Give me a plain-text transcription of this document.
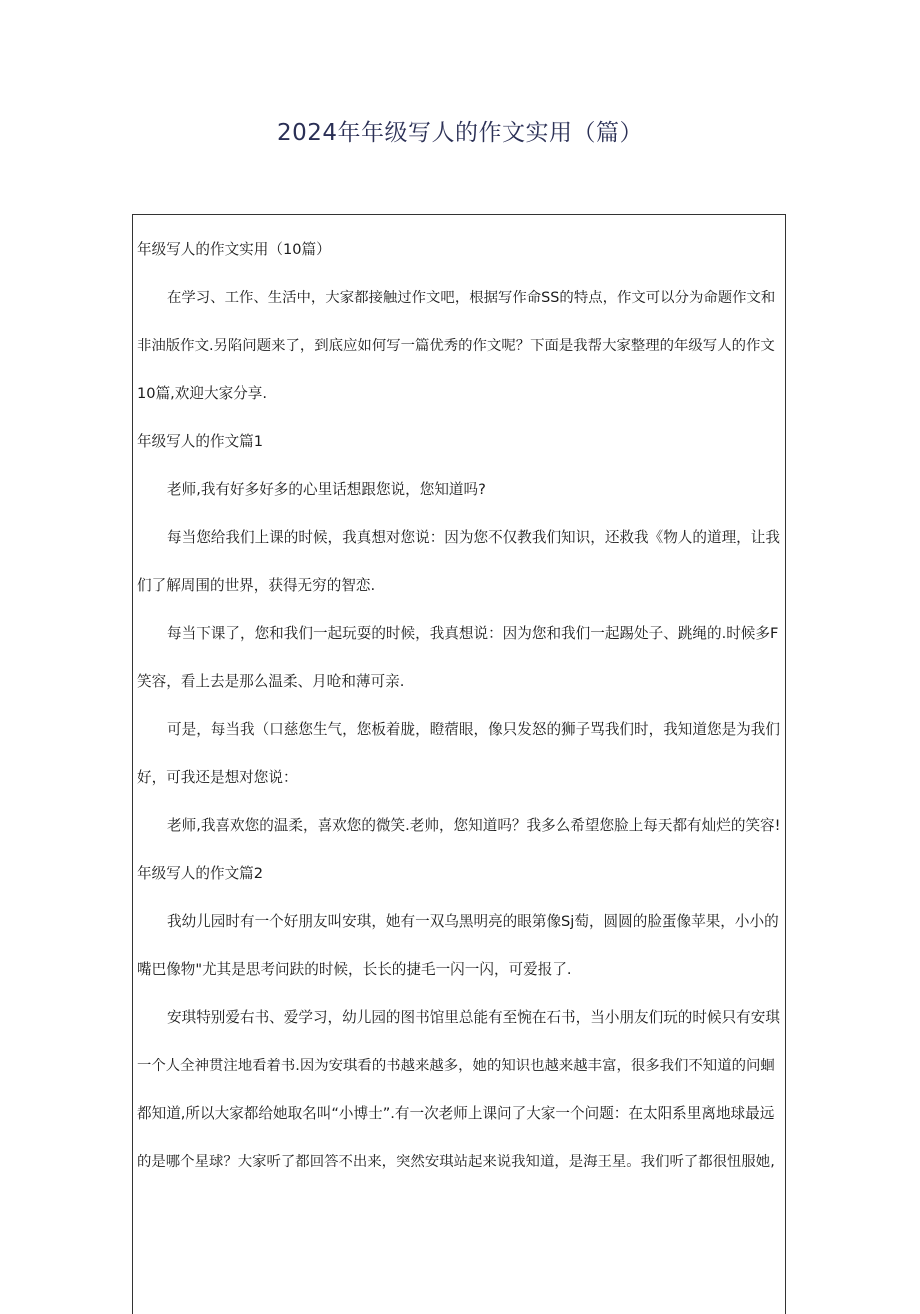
2024年年级写人的作文实用（篇）
年级写人的作文实用（10篇）
在学习、工作、生活中，大家都接触过作文吧，根据写作命SS的特点，作文可以分为命题作文和
非油版作文.另陷问题来了，到底应如何写一篇优秀的作文呢？下面是我帮大家整理的年级写人的作文
10篇,欢迎大家分享.
年级写人的作文篇1
老师,我有好多好多的心里话想跟您说，您知道吗?
每当您给我们上课的时候，我真想对您说：因为您不仅教我们知识，还救我《物人的道理，让我
们了解周围的世界，获得无穷的智恋.
每当下课了，您和我们一起玩耍的时候，我真想说：因为您和我们一起踢处子、跳绳的.时候多F
笑容，看上去是那么温柔、月呛和薄可亲.
可是，每当我（口慈您生气，您板着胧，瞪蓿眼，像只发怒的狮子骂我们时，我知道您是为我们
好，可我还是想对您说：
老师,我喜欢您的温柔，喜欢您的微笑.老帅，您知道吗？我多么希望您脸上每天都有灿烂的笑容!
年级写人的作文篇2
我幼儿园时有一个好朋友叫安琪，她有一双乌黑明亮的眼第像Sj萄，圆圆的脸蛋像苹果，小小的
嘴巴像物"尤其是思考问趺的时候，长长的捷毛一闪一闪，可爱报了.
安琪特别爱右书、爱学习，幼儿园的图书馆里总能有至惋在石书，当小朋友们玩的时候只有安琪
一个人全神贯注地看着书.因为安琪看的书越来越多，她的知识也越来越丰富，很多我们不知道的问蛔
都知道,所以大家都给她取名叫“小博士”.有一次老师上课问了大家一个问题：在太阳系里离地球最远
的是哪个星球？大家听了都回答不出来，突然安琪站起来说我知道，是海王星。我们听了都很忸服她,
